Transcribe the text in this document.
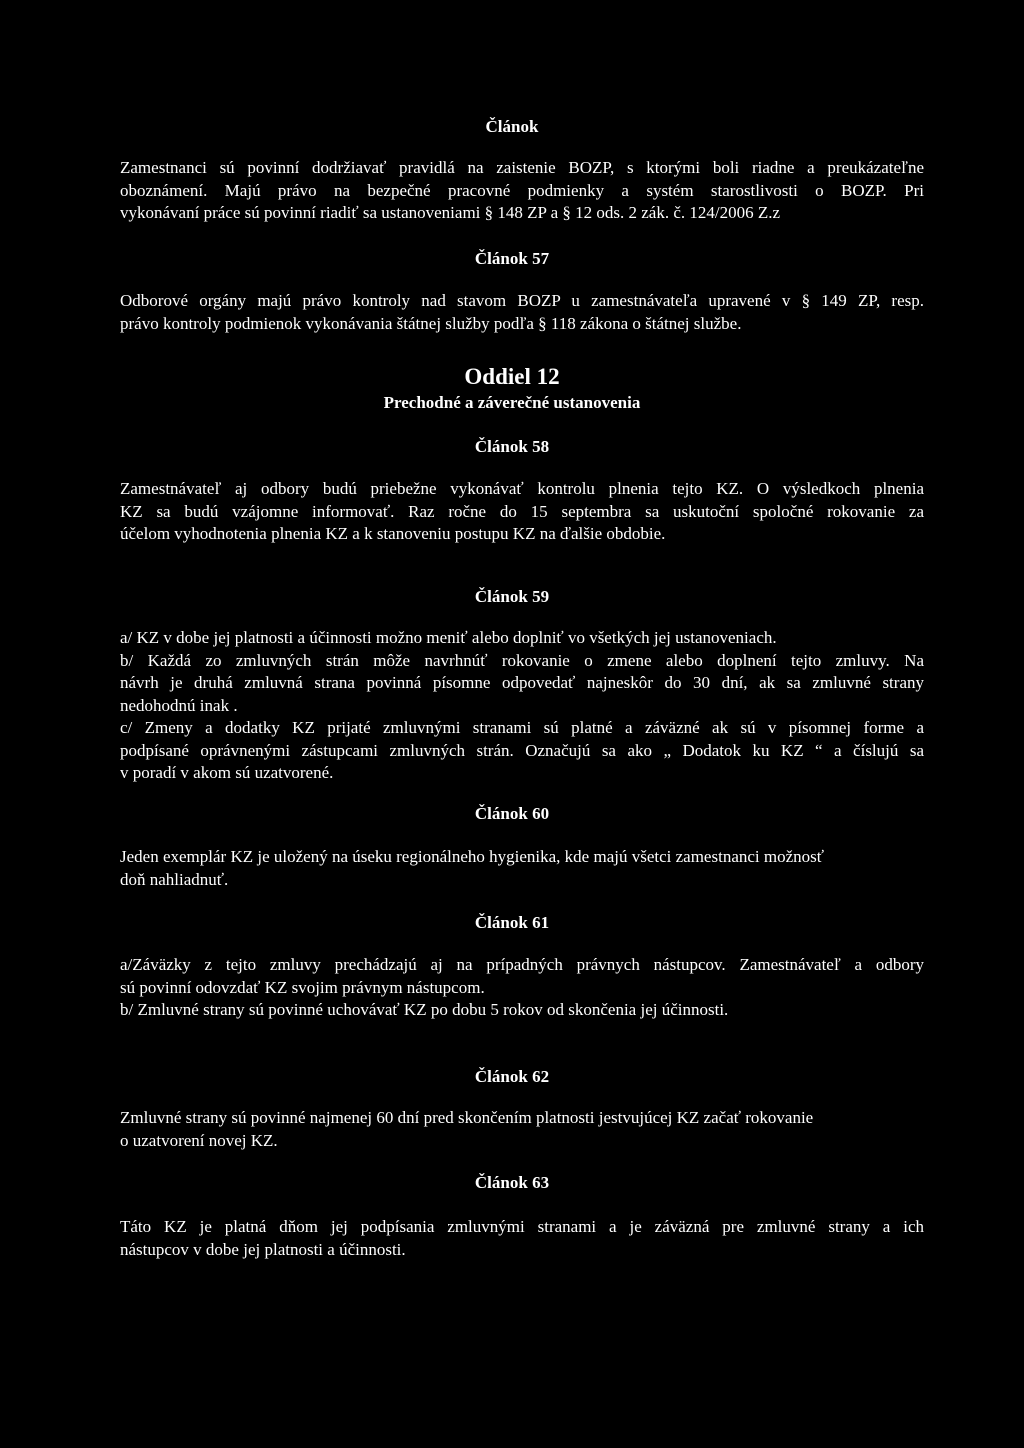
Článok
Zamestnanci sú povinní dodržiavať pravidlá na zaistenie BOZP, s ktorými boli riadne a preukázateľne
oboznámení. Majú právo na bezpečné pracovné podmienky a systém starostlivosti o BOZP. Pri
vykonávaní práce sú povinní riadiť sa ustanoveniami § 148 ZP a § 12 ods. 2 zák. č. 124/2006 Z.z
Článok 57
Odborové orgány majú právo kontroly nad stavom BOZP u zamestnávateľa upravené v § 149 ZP, resp.
právo kontroly podmienok vykonávania štátnej služby podľa § 118 zákona o štátnej službe.
Oddiel 12
Prechodné a záverečné ustanovenia
Článok 58
Zamestnávateľ aj odbory budú priebežne vykonávať kontrolu plnenia tejto KZ. O výsledkoch plnenia
KZ sa budú vzájomne informovať. Raz ročne do 15 septembra sa uskutoční spoločné rokovanie za
účelom vyhodnotenia plnenia KZ a k stanoveniu postupu KZ na ďalšie obdobie.
Článok 59
a/ KZ v dobe jej platnosti a účinnosti možno meniť alebo doplniť vo všetkých jej ustanoveniach.
b/ Každá zo zmluvných strán môže navrhnúť rokovanie o zmene alebo doplnení tejto zmluvy. Na
návrh je druhá zmluvná strana povinná písomne odpovedať najneskôr do 30 dní, ak sa zmluvné strany
nedohodnú inak .
c/ Zmeny a dodatky KZ prijaté zmluvnými stranami sú platné a záväzné ak sú v písomnej forme a
podpísané oprávnenými zástupcami zmluvných strán. Označujú sa ako „ Dodatok ku KZ “ a číslujú sa
v poradí v akom sú uzatvorené.
Článok 60
Jeden exemplár KZ je uložený na úseku regionálneho hygienika, kde majú všetci zamestnanci možnosť
doň nahliadnuť.
Článok 61
a/Záväzky z tejto zmluvy prechádzajú aj na prípadných právnych nástupcov. Zamestnávateľ a odbory
sú povinní odovzdať KZ svojim právnym nástupcom.
b/ Zmluvné strany sú povinné uchovávať KZ po dobu 5 rokov od skončenia jej účinnosti.
Článok 62
Zmluvné strany sú povinné najmenej 60 dní pred skončením platnosti jestvujúcej KZ začať rokovanie
o uzatvorení novej KZ.
Článok 63
Táto KZ je platná dňom jej podpísania zmluvnými stranami a je záväzná pre zmluvné strany a ich
nástupcov v dobe jej platnosti a účinnosti.
